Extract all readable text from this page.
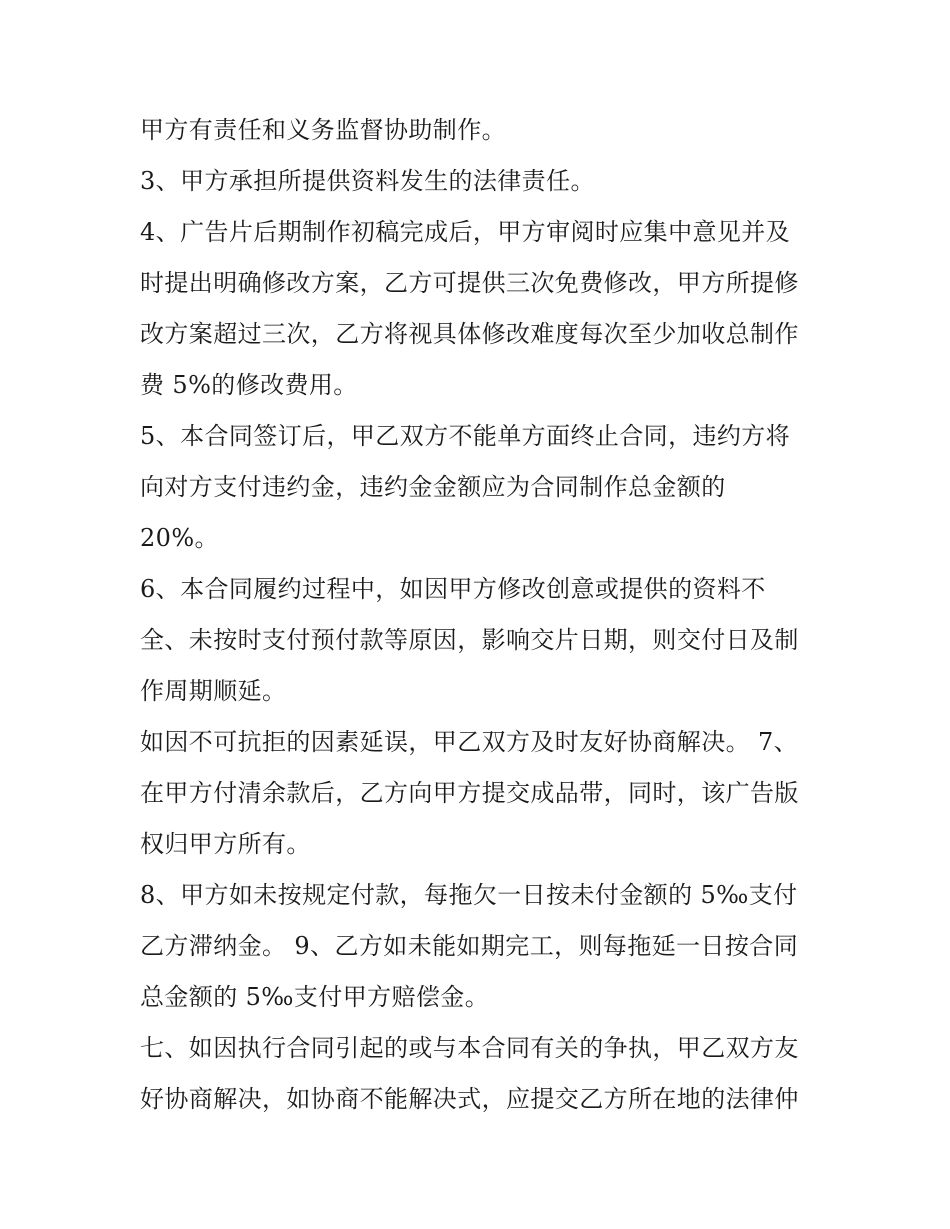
甲方有责任和义务监督协助制作。
3、甲方承担所提供资料发生的法律责任。
4、广告片后期制作初稿完成后，甲方审阅时应集中意见并及
时提出明确修改方案，乙方可提供三次免费修改，甲方所提修
改方案超过三次，乙方将视具体修改难度每次至少加收总制作
费 5%的修改费用。
5、本合同签订后，甲乙双方不能单方面终止合同，违约方将
向对方支付违约金，违约金金额应为合同制作总金额的
20%。
6、本合同履约过程中，如因甲方修改创意或提供的资料不
全、未按时支付预付款等原因，影响交片日期，则交付日及制
作周期顺延。
如因不可抗拒的因素延误，甲乙双方及时友好协商解决。 7、
在甲方付清余款后，乙方向甲方提交成品带，同时，该广告版
权归甲方所有。
8、甲方如未按规定付款，每拖欠一日按未付金额的 5‰支付
乙方滞纳金。 9、乙方如未能如期完工，则每拖延一日按合同
总金额的 5‰支付甲方赔偿金。
七、如因执行合同引起的或与本合同有关的争执，甲乙双方友
好协商解决，如协商不能解决式，应提交乙方所在地的法律仲
